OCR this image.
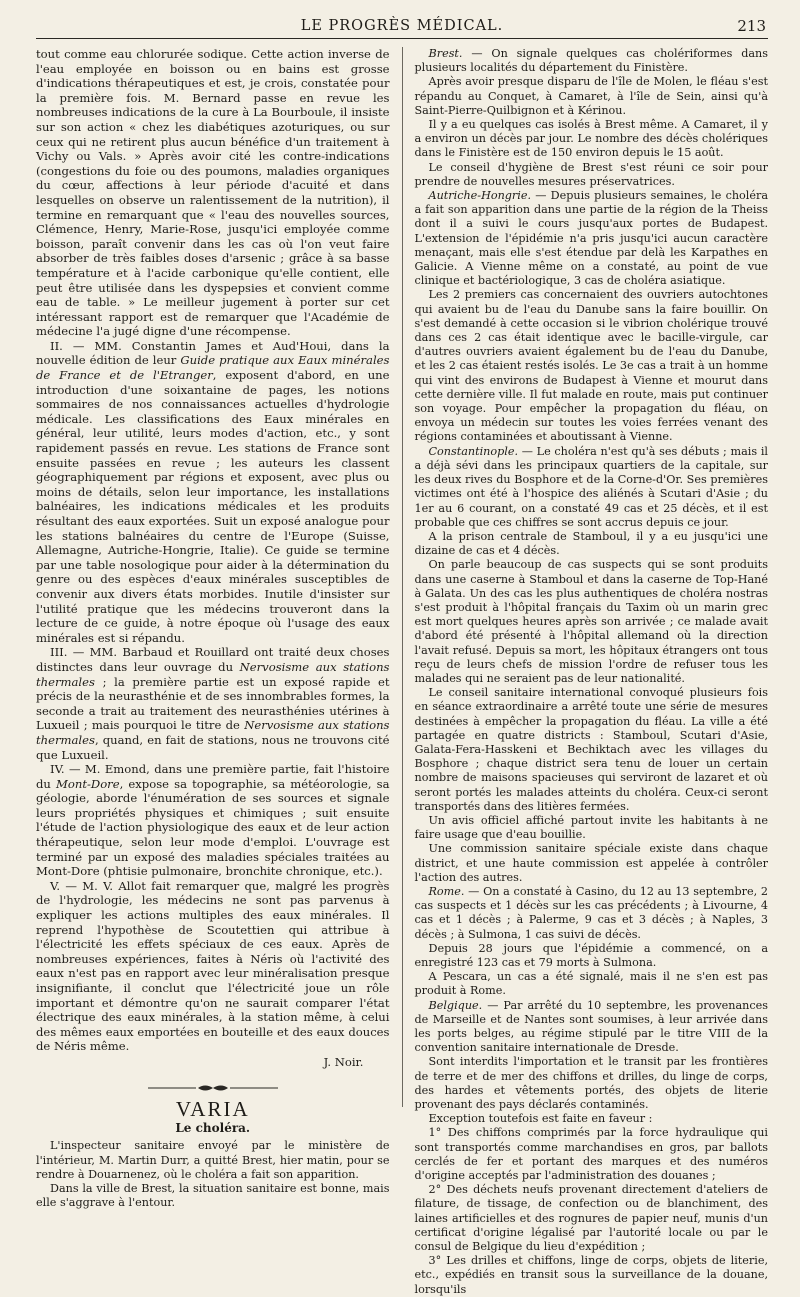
LE PROGRÈS MÉDICAL.	213

tout comme eau chlorurée sodique. Cette action inverse de l'eau employée en boisson ou en bains est grosse d'indications thérapeutiques et est, je crois, constatée pour la première fois. M. Bernard passe en revue les nombreuses indications de la cure à La Bourboule, il insiste sur son action « chez les diabétiques azoturiques, ou sur ceux qui ne retirent plus aucun bénéfice d'un traitement à Vichy ou Vals. » Après avoir cité les contre-indications (congestions du foie ou des poumons, maladies organiques du cœur, affections à leur période d'acuité et dans lesquelles on observe un ralentissement de la nutrition), il termine en remarquant que « l'eau des nouvelles sources, Clémence, Henry, Marie-Rose, jusqu'ici employée comme boisson, paraît convenir dans les cas où l'on veut faire absorber de très faibles doses d'arsenic ; grâce à sa basse température et à l'acide carbonique qu'elle contient, elle peut être utilisée dans les dyspepsies et convient comme eau de table. » Le meilleur jugement à porter sur cet intéressant rapport est de remarquer que l'Académie de médecine l'a jugé digne d'une récompense.

II. — MM. Constantin James et Aud'Houi, dans la nouvelle édition de leur Guide pratique aux Eaux minérales de France et de l'Etranger, exposent d'abord, en une introduction d'une soixantaine de pages, les notions sommaires de nos connaissances actuelles d'hydrologie médicale. Les classifications des Eaux minérales en général, leur utilité, leurs modes d'action, etc., y sont rapidement passés en revue. Les stations de France sont ensuite passées en revue ; les auteurs les classent géographiquement par régions et exposent, avec plus ou moins de détails, selon leur importance, les installations balnéaires, les indications médicales et les produits résultant des eaux exportées. Suit un exposé analogue pour les stations balnéaires du centre de l'Europe (Suisse, Allemagne, Autriche-Hongrie, Italie). Ce guide se termine par une table nosologique pour aider à la détermination du genre ou des espèces d'eaux minérales susceptibles de convenir aux divers états morbides. Inutile d'insister sur l'utilité pratique que les médecins trouveront dans la lecture de ce guide, à notre époque où l'usage des eaux minérales est si répandu.

III. — MM. Barbaud et Rouillard ont traité deux choses distinctes dans leur ouvrage du Nervosisme aux stations thermales ; la première partie est un exposé rapide et précis de la neurasthénie et de ses innombrables formes, la seconde a trait au traitement des neurasthénies utérines à Luxueil ; mais pourquoi le titre de Nervosisme aux stations thermales, quand, en fait de stations, nous ne trouvons cité que Luxueil.

IV. — M. Emond, dans une première partie, fait l'histoire du Mont-Dore, expose sa topographie, sa météorologie, sa géologie, aborde l'énumération de ses sources et signale leurs propriétés physiques et chimiques ; suit ensuite l'étude de l'action physiologique des eaux et de leur action thérapeutique, selon leur mode d'emploi. L'ouvrage est terminé par un exposé des maladies spéciales traitées au Mont-Dore (phtisie pulmonaire, bronchite chronique, etc.).

V. — M. V. Allot fait remarquer que, malgré les progrès de l'hydrologie, les médecins ne sont pas parvenus à expliquer les actions multiples des eaux minérales. Il reprend l'hypothèse de Scoutettien qui attribue à l'électricité les effets spéciaux de ces eaux. Après de nombreuses expériences, faites à Néris où l'activité des eaux n'est pas en rapport avec leur minéralisation presque insignifiante, il conclut que l'électricité joue un rôle important et démontre qu'on ne saurait comparer l'état électrique des eaux minérales, à la station même, à celui des mêmes eaux emportées en bouteille et des eaux douces de Néris même.

J. Noir.
VARIA
Le choléra.

L'inspecteur sanitaire envoyé par le ministère de l'intérieur, M. Martin Durr, a quitté Brest, hier matin, pour se rendre à Douarnenez, où le choléra a fait son apparition.

Dans la ville de Brest, la situation sanitaire est bonne, mais elle s'aggrave à l'entour.

Brest. — On signale quelques cas cholériformes dans plusieurs localités du département du Finistère.

Après avoir presque disparu de l'île de Molen, le fléau s'est répandu au Conquet, à Camaret, à l'île de Sein, ainsi qu'à Saint-Pierre-Quilbignon et à Kérinou.

Il y a eu quelques cas isolés à Brest même. A Camaret, il y a environ un décès par jour. Le nombre des décès cholériques dans le Finistère est de 150 environ depuis le 15 août.

Le conseil d'hygiène de Brest s'est réuni ce soir pour prendre de nouvelles mesures préservatrices.

Autriche-Hongrie. — Depuis plusieurs semaines, le choléra a fait son apparition dans une partie de la région de la Theiss dont il a suivi le cours jusqu'aux portes de Budapest. L'extension de l'épidémie n'a pris jusqu'ici aucun caractère menaçant, mais elle s'est étendue par delà les Karpathes en Galicie. A Vienne même on a constaté, au point de vue clinique et bactériologique, 3 cas de choléra asiatique.

Les 2 premiers cas concernaient des ouvriers autochtones qui avaient bu de l'eau du Danube sans la faire bouillir. On s'est demandé à cette occasion si le vibrion cholérique trouvé dans ces 2 cas était identique avec le bacille-virgule, car d'autres ouvriers avaient également bu de l'eau du Danube, et les 2 cas étaient restés isolés. Le 3e cas a trait à un homme qui vint des environs de Budapest à Vienne et mourut dans cette dernière ville. Il fut malade en route, mais put continuer son voyage. Pour empêcher la propagation du fléau, on envoya un médecin sur toutes les voies ferrées venant des régions contaminées et aboutissant à Vienne.

Constantinople. — Le choléra n'est qu'à ses débuts ; mais il a déjà sévi dans les principaux quartiers de la capitale, sur les deux rives du Bosphore et de la Corne-d'Or. Ses premières victimes ont été à l'hospice des aliénés à Scutari d'Asie ; du 1er au 6 courant, on a constaté 49 cas et 25 décès, et il est probable que ces chiffres se sont accrus depuis ce jour.

A la prison centrale de Stamboul, il y a eu jusqu'ici une dizaine de cas et 4 décès.

On parle beaucoup de cas suspects qui se sont produits dans une caserne à Stamboul et dans la caserne de Top-Hané à Galata. Un des cas les plus authentiques de choléra nostras s'est produit à l'hôpital français du Taxim où un marin grec est mort quelques heures après son arrivée ; ce malade avait d'abord été présenté à l'hôpital allemand où la direction l'avait refusé. Depuis sa mort, les hôpitaux étrangers ont tous reçu de leurs chefs de mission l'ordre de refuser tous les malades qui ne seraient pas de leur nationalité.

Le conseil sanitaire international convoqué plusieurs fois en séance extraordinaire a arrêté toute une série de mesures destinées à empêcher la propagation du fléau. La ville a été partagée en quatre districts : Stamboul, Scutari d'Asie, Galata-Fera-Hasskeni et Bechiktach avec les villages du Bosphore ; chaque district sera tenu de louer un certain nombre de maisons spacieuses qui serviront de lazaret et où seront portés les malades atteints du choléra. Ceux-ci seront transportés dans des litières fermées.

Un avis officiel affiché partout invite les habitants à ne faire usage que d'eau bouillie.

Une commission sanitaire spéciale existe dans chaque district, et une haute commission est appelée à contrôler l'action des autres.

Rome. — On a constaté à Casino, du 12 au 13 septembre, 2 cas suspects et 1 décès sur les cas précédents ; à Livourne, 4 cas et 1 décès ; à Palerme, 9 cas et 3 décès ; à Naples, 3 décès ; à Sulmona, 1 cas suivi de décès.

Depuis 28 jours que l'épidémie a commencé, on a enregistré 123 cas et 79 morts à Sulmona.

A Pescara, un cas a été signalé, mais il ne s'en est pas produit à Rome.

Belgique. — Par arrêté du 10 septembre, les provenances de Marseille et de Nantes sont soumises, à leur arrivée dans les ports belges, au régime stipulé par le titre VIII de la convention sanitaire internationale de Dresde.

Sont interdits l'importation et le transit par les frontières de terre et de mer des chiffons et drilles, du linge de corps, des hardes et vêtements portés, des objets de literie provenant des pays déclarés contaminés.

Exception toutefois est faite en faveur :

1° Des chiffons comprimés par la force hydraulique qui sont transportés comme marchandises en gros, par ballots cerclés de fer et portant des marques et des numéros d'origine acceptés par l'administration des douanes ;

2° Des déchets neufs provenant directement d'ateliers de filature, de tissage, de confection ou de blanchiment, des laines artificielles et des rognures de papier neuf, munis d'un certificat d'origine légalisé par l'autorité locale ou par le consul de Belgique du lieu d'expédition ;

3° Les drilles et chiffons, linge de corps, objets de literie, etc., expédiés en transit sous la surveillance de la douane, lorsqu'ils
